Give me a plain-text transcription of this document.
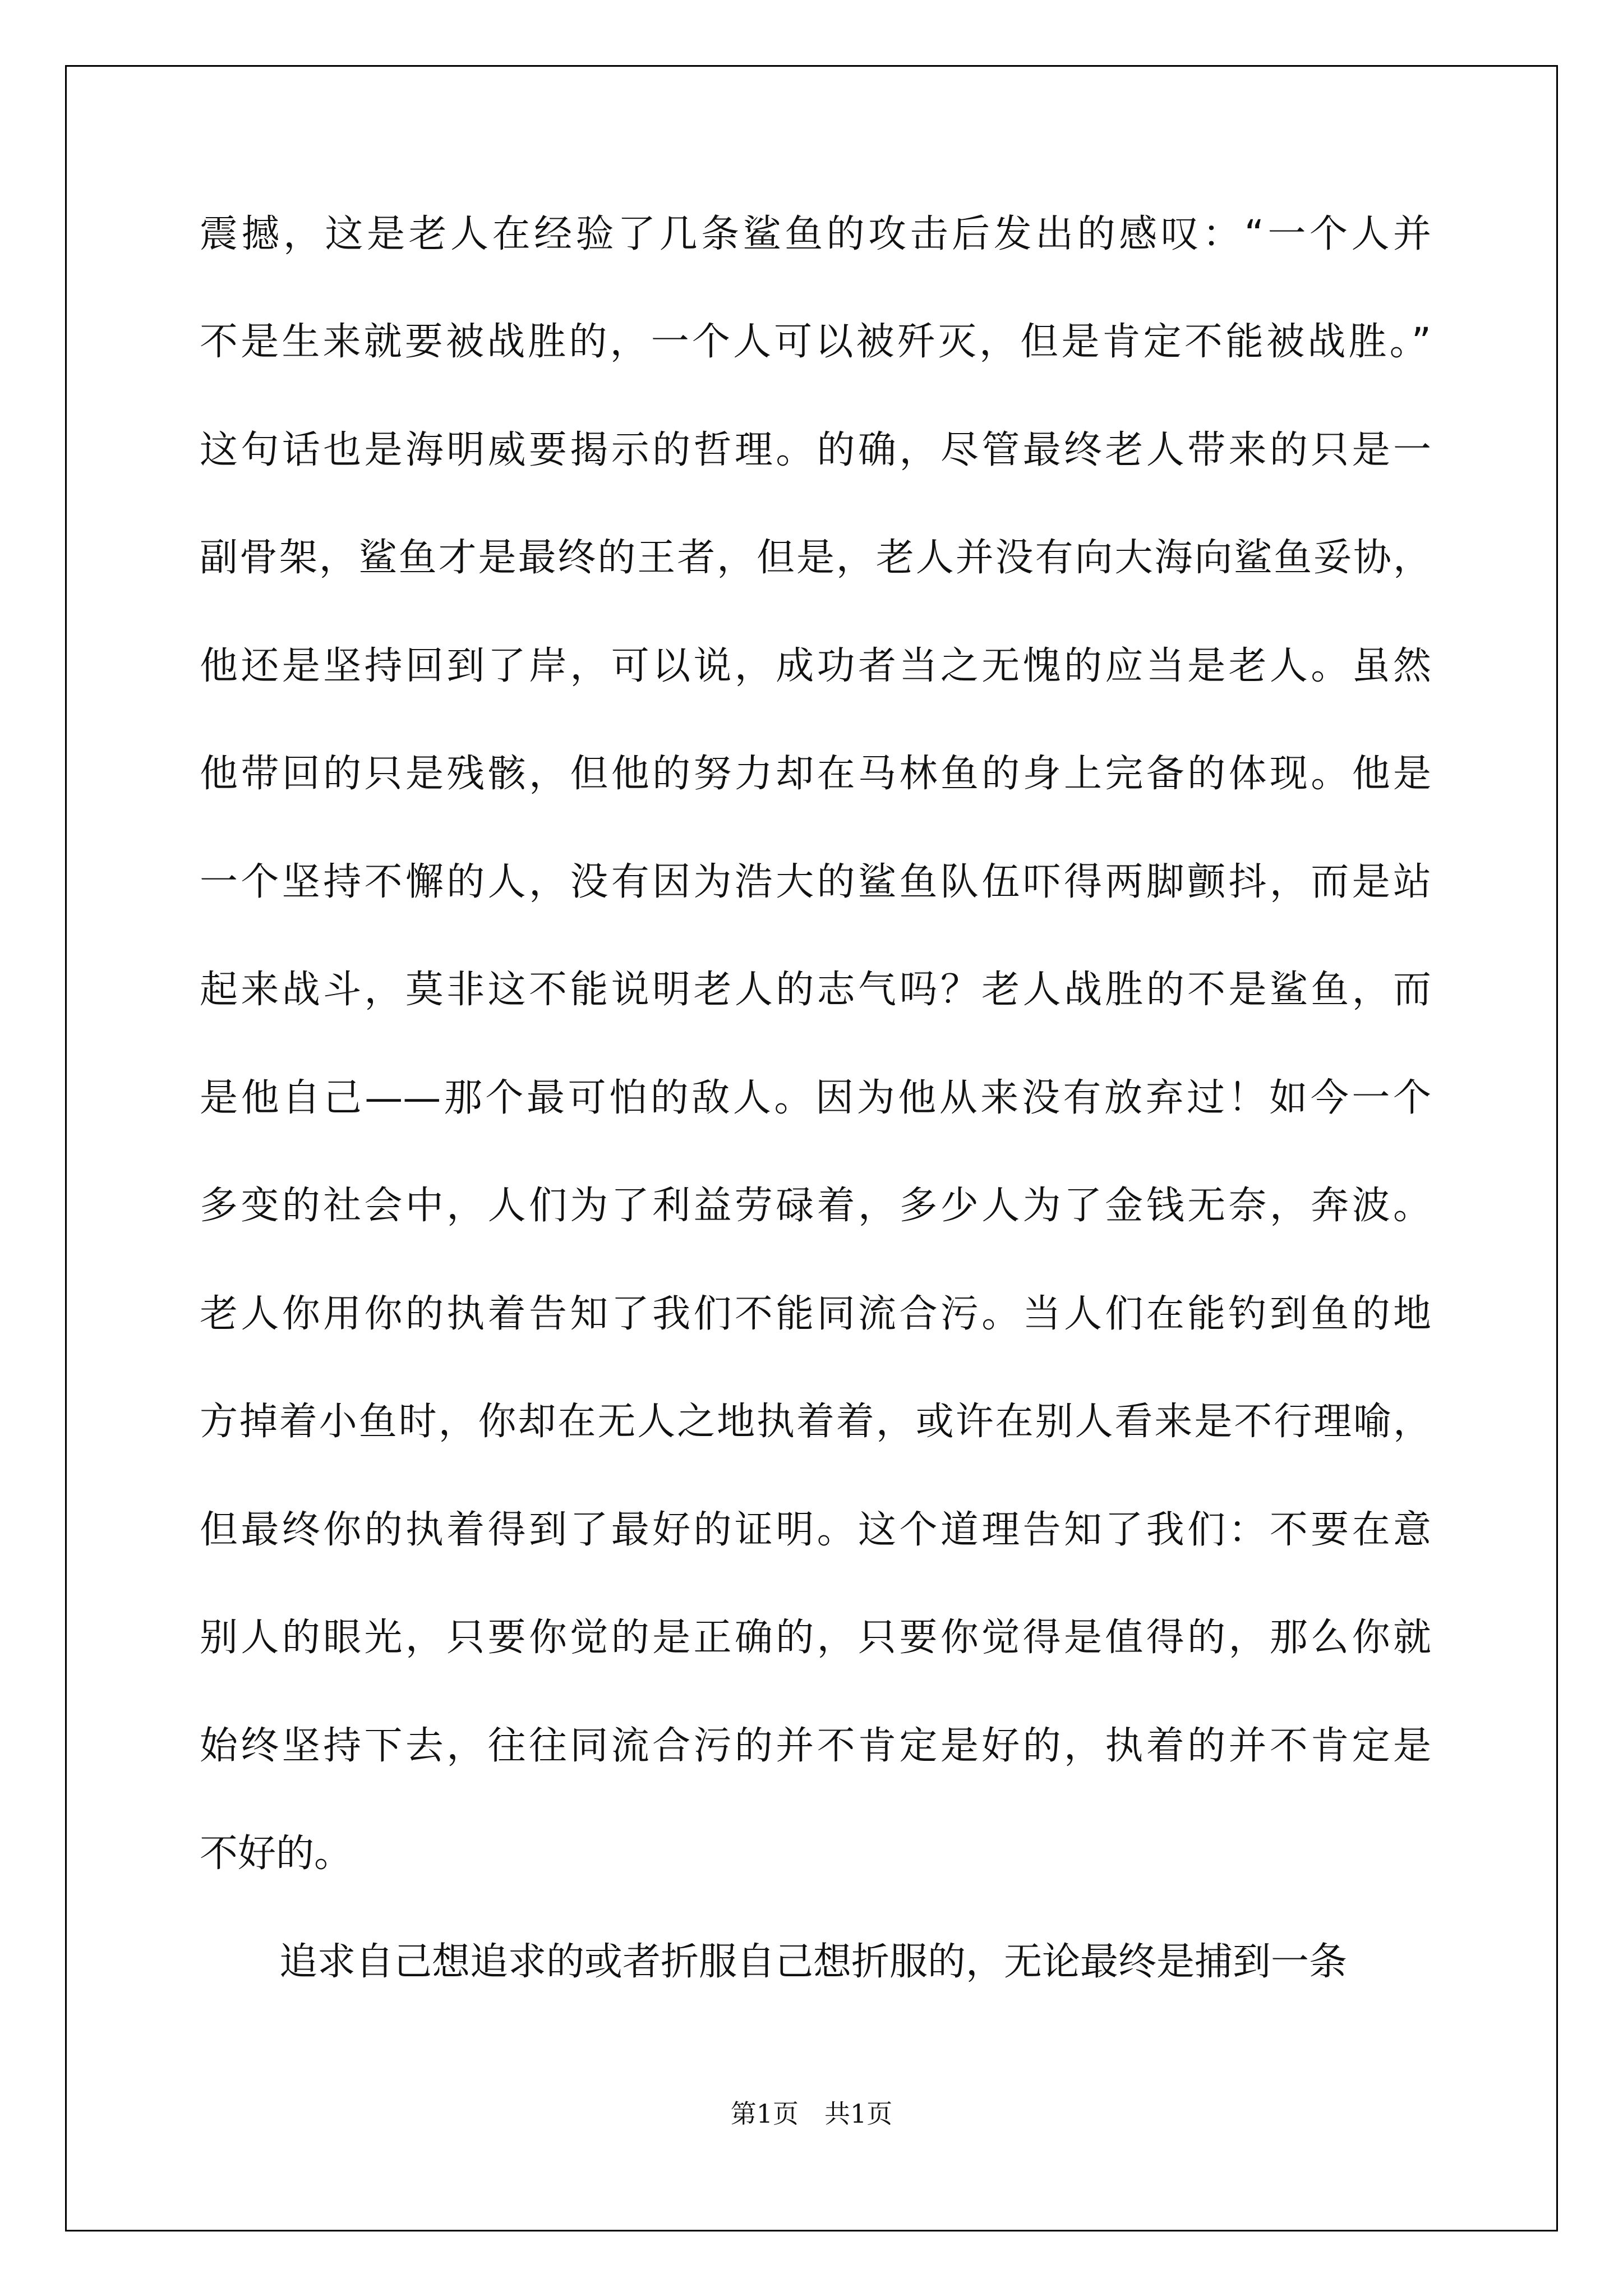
震撼，这是老人在经验了几条鲨鱼的攻击后发出的感叹：“一个人并
不是生来就要被战胜的，一个人可以被歼灭，但是肯定不能被战胜。”
这句话也是海明威要揭示的哲理。的确，尽管最终老人带来的只是一
副骨架，鲨鱼才是最终的王者，但是，老人并没有向大海向鲨鱼妥协，
他还是坚持回到了岸，可以说，成功者当之无愧的应当是老人。虽然
他带回的只是残骸，但他的努力却在马林鱼的身上完备的体现。他是
一个坚持不懈的人，没有因为浩大的鲨鱼队伍吓得两脚颤抖，而是站
起来战斗，莫非这不能说明老人的志气吗？老人战胜的不是鲨鱼，而
是他自己——那个最可怕的敌人。因为他从来没有放弃过！如今一个
多变的社会中，人们为了利益劳碌着，多少人为了金钱无奈，奔波。
老人你用你的执着告知了我们不能同流合污。当人们在能钓到鱼的地
方掉着小鱼时，你却在无人之地执着着，或许在别人看来是不行理喻，
但最终你的执着得到了最好的证明。这个道理告知了我们：不要在意
别人的眼光，只要你觉的是正确的，只要你觉得是值得的，那么你就
始终坚持下去，往往同流合污的并不肯定是好的，执着的并不肯定是
不好的。
追求自己想追求的或者折服自己想折服的，无论最终是捕到一条
第1页　共1页
